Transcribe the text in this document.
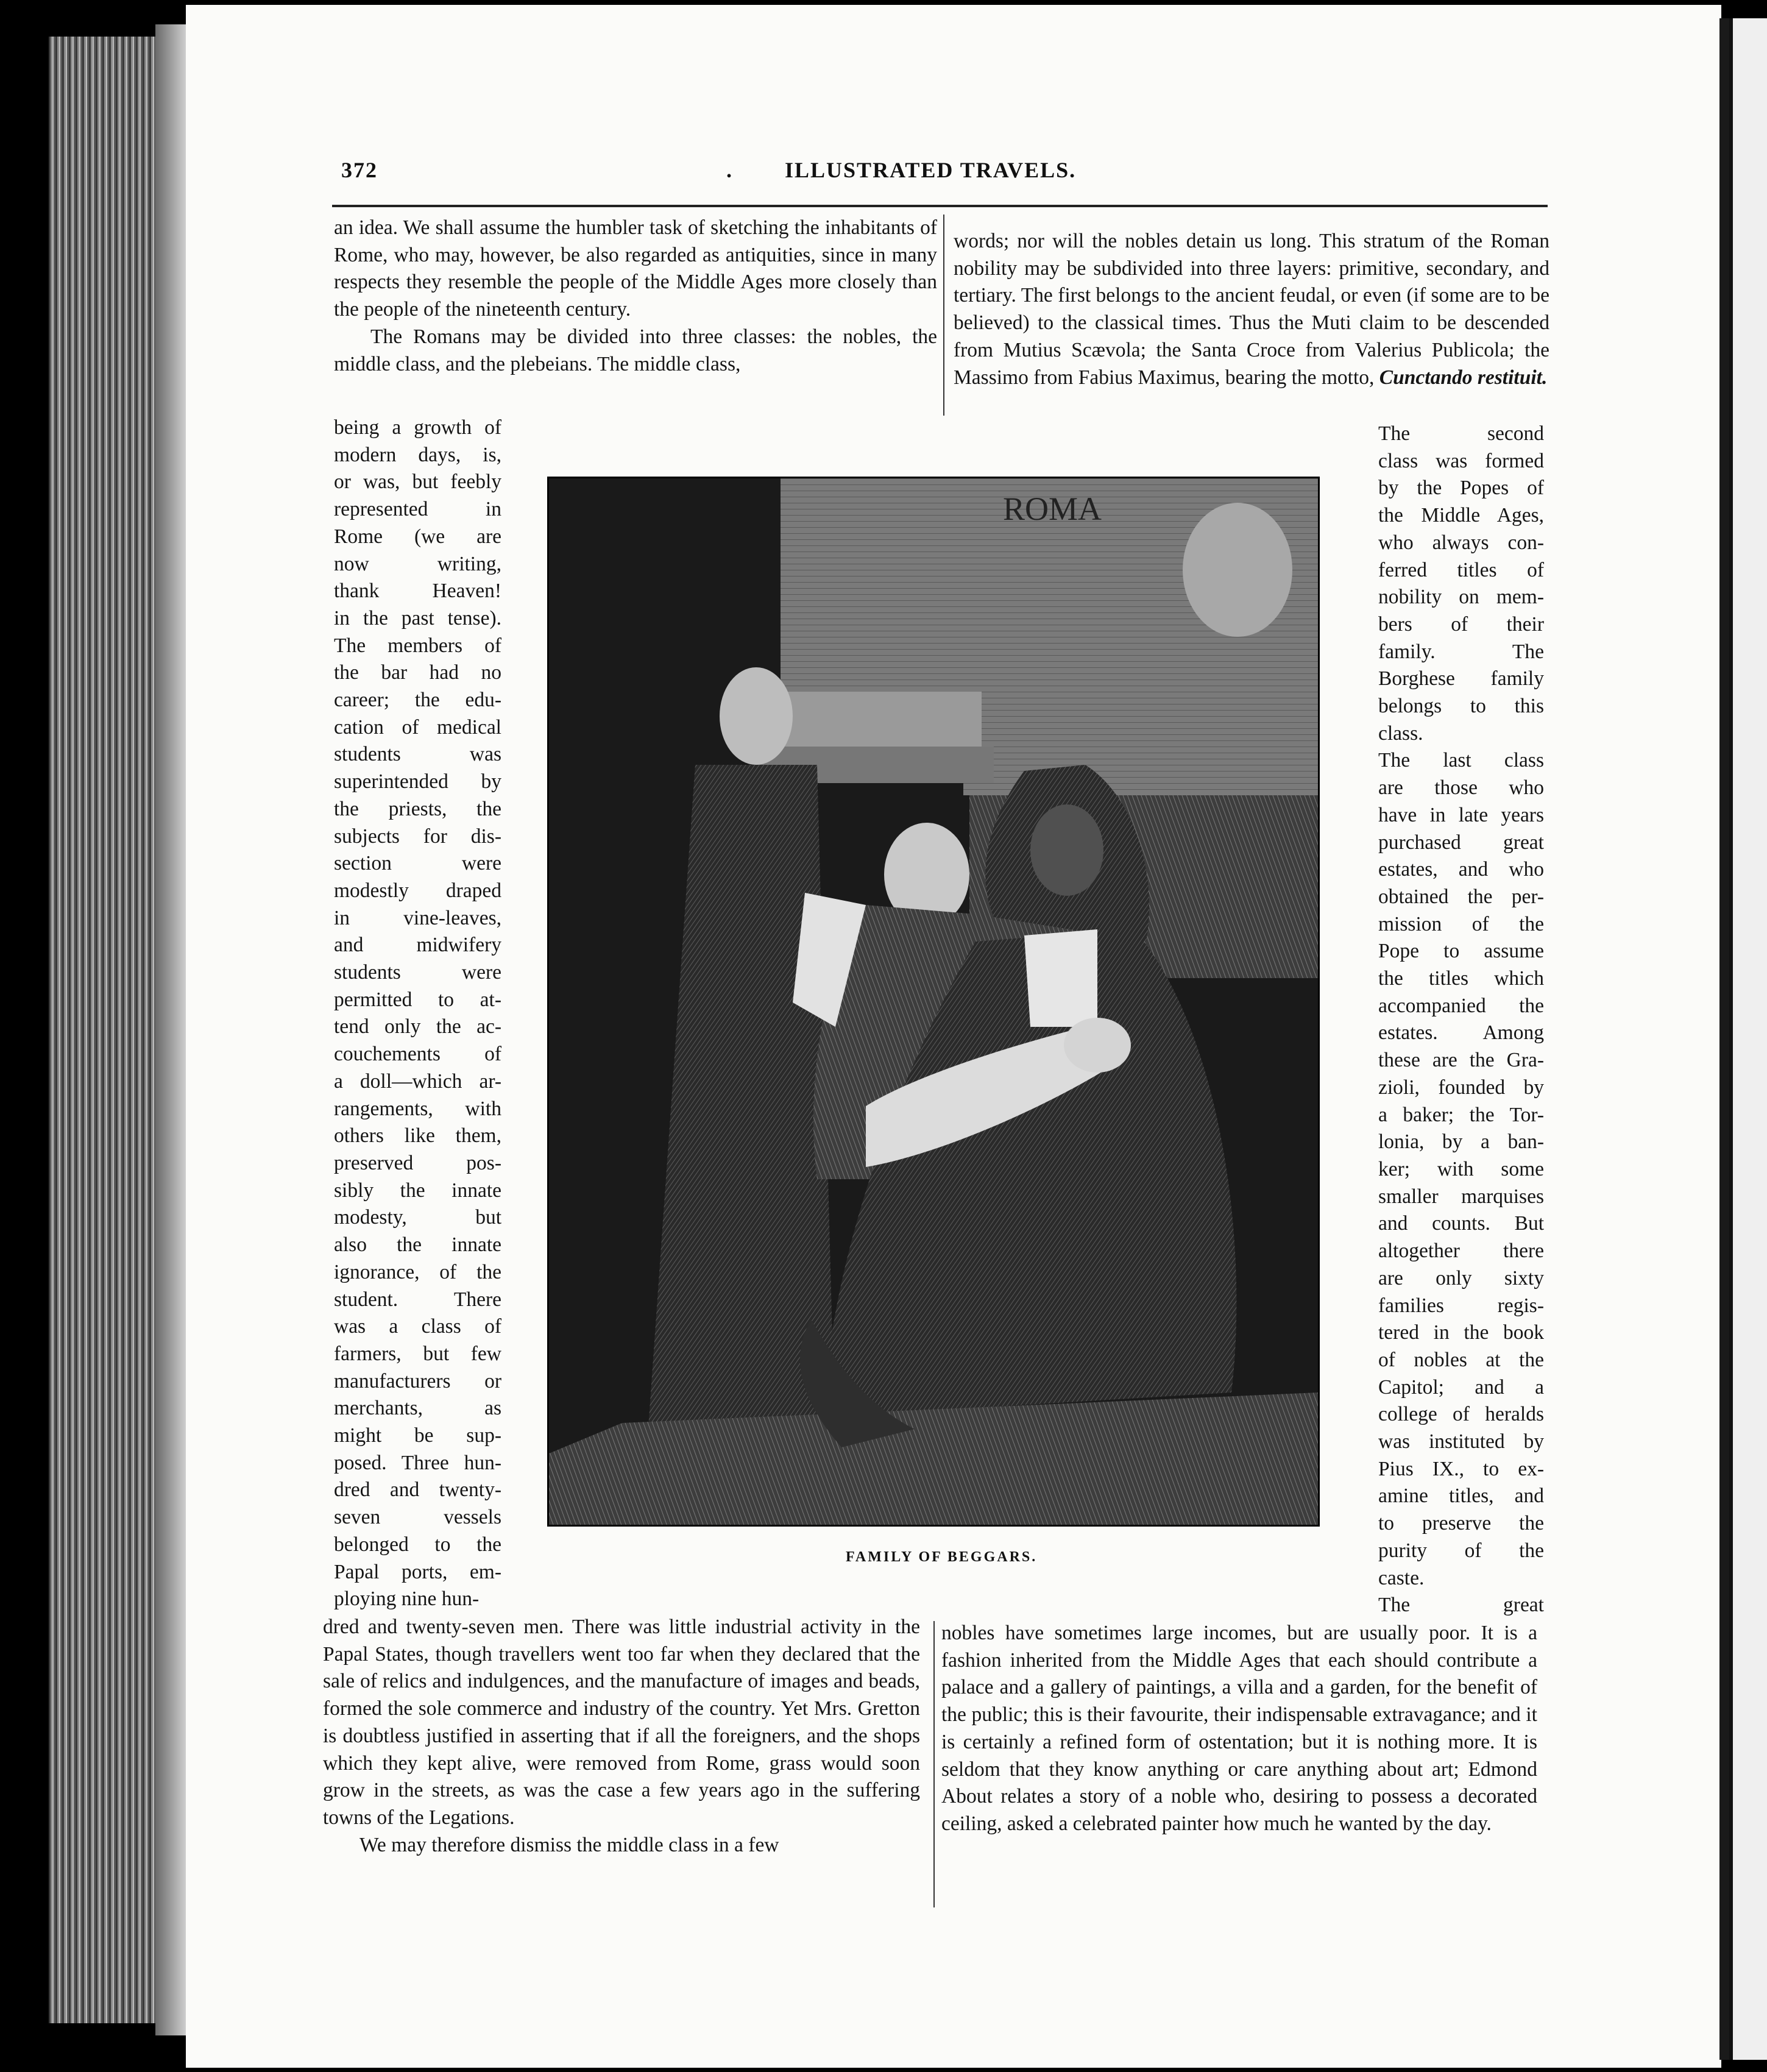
372	. ILLUSTRATED TRAVELS.

an idea. We shall assume the humbler task of sketching the inhabitants of Rome, who may, however, be also regarded as antiquities, since in many respects they resemble the people of the Middle Ages more closely than the people of the nineteenth century.

The Romans may be divided into three classes: the nobles, the middle class, and the plebeians. The middle class,

words; nor will the nobles detain us long. This stratum of the Roman nobility may be subdivided into three layers: primitive, secondary, and tertiary. The first belongs to the ancient feudal, or even (if some are to be believed) to the classical times. Thus the Muti claim to be descended from Mutius Scævola; the Santa Croce from Valerius Publicola; the Massimo from Fabius Maximus, bearing the motto, Cunctando restituit.

being a growth of
modern days, is,
or was, but feebly
represented in
Rome (we are
now writing,
thank Heaven!
in the past tense).
The members of
the bar had no
career; the edu-
cation of medical
students was
superintended by
the priests, the
subjects for dis-
section were
modestly draped
in vine-leaves,
and midwifery
students were
permitted to at-
tend only the ac-
couchements of
a doll—which ar-
rangements, with
others like them,
preserved pos-
sibly the innate
modesty, but
also the innate
ignorance, of the
student. There
was a class of
farmers, but few
manufacturers or
merchants, as
might be sup-
posed. Three hun-
dred and twenty-
seven vessels
belonged to the
Papal ports, em-
ploying nine hun-
The second
class was formed
by the Popes of
the Middle Ages,
who always con-
ferred titles of
nobility on mem-
bers of their
family. The
Borghese family
belongs to this
class.
The last class
are those who
have in late years
purchased great
estates, and who
obtained the per-
mission of the
Pope to assume
the titles which
accompanied the
estates. Among
these are the Gra-
zioli, founded by
a baker; the Tor-
lonia, by a ban-
ker; with some
smaller marquises
and counts. But
altogether there
are only sixty
families regis-
tered in the book
of nobles at the
Capitol; and a
college of heralds
was instituted by
Pius IX., to ex-
amine titles, and
to preserve the
purity of the
caste.
The great
ROMA
FAMILY OF BEGGARS.

dred and twenty-seven men. There was little industrial activity in the Papal States, though travellers went too far when they declared that the sale of relics and indulgences, and the manufacture of images and beads, formed the sole commerce and industry of the country. Yet Mrs. Gretton is doubtless justified in asserting that if all the foreigners, and the shops which they kept alive, were removed from Rome, grass would soon grow in the streets, as was the case a few years ago in the suffering towns of the Legations.

We may therefore dismiss the middle class in a few

nobles have sometimes large incomes, but are usually poor. It is a fashion inherited from the Middle Ages that each should contribute a palace and a gallery of paintings, a villa and a garden, for the benefit of the public; this is their favourite, their indispensable extravagance; and it is certainly a refined form of ostentation; but it is nothing more. It is seldom that they know anything or care anything about art; Edmond About relates a story of a noble who, desiring to possess a decorated ceiling, asked a celebrated painter how much he wanted by the day.
